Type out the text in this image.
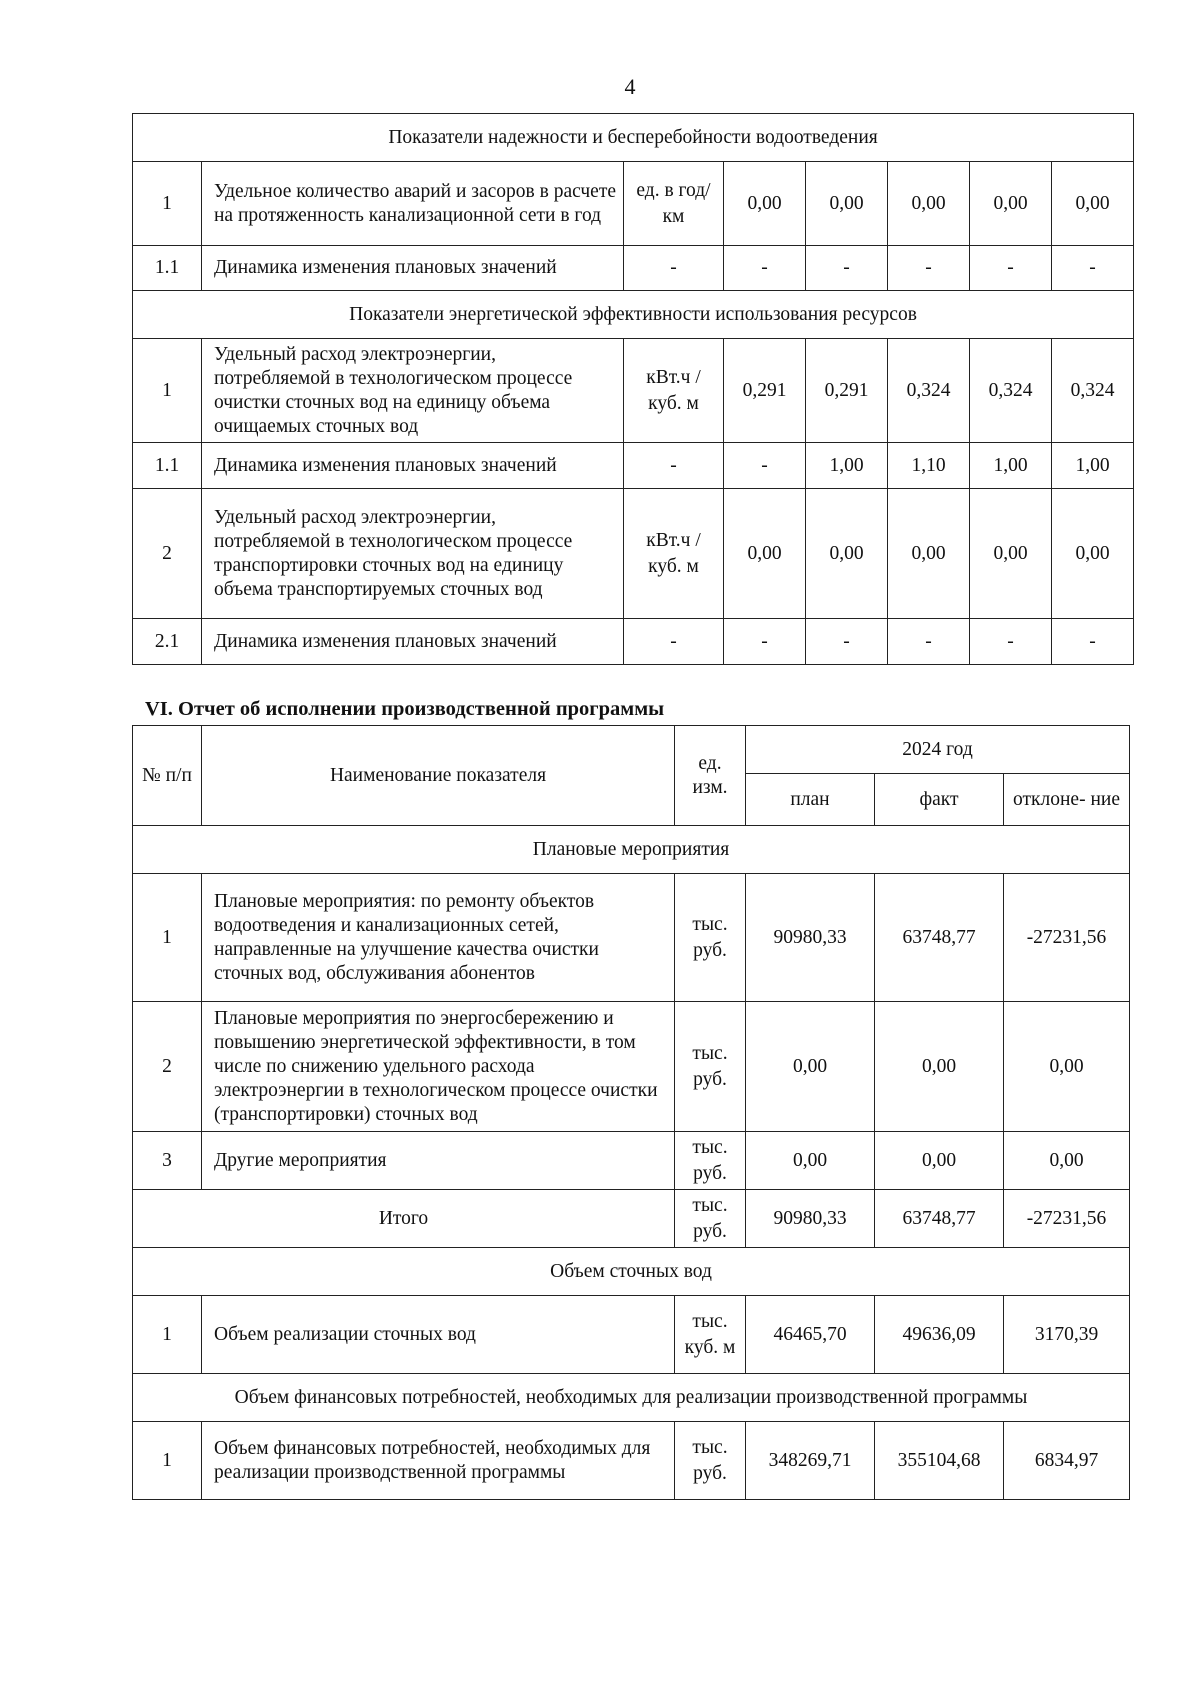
4
Показатели надежности и бесперебойности водоотведения							
1	Удельное количество аварий и засоров в расчете на протяженность канализационной сети в год	ед. в год/ км	0,00	0,00	0,00	0,00	0,00
1.1	Динамика изменения плановых значений	-	-	-	-	-	-
Показатели энергетической эффективности использования ресурсов							
1	Удельный расход электроэнергии, потребляемой в технологическом процессе очистки сточных вод на единицу объема очищаемых сточных вод	кВт.ч / куб. м	0,291	0,291	0,324	0,324	0,324
1.1	Динамика изменения плановых значений	-	-	1,00	1,10	1,00	1,00
2	Удельный расход электроэнергии, потребляемой в технологическом процессе транспортировки сточных вод на единицу объема транспортируемых сточных вод	кВт.ч / куб. м	0,00	0,00	0,00	0,00	0,00
2.1	Динамика изменения плановых значений	-	-	-	-	-	-
VI. Отчет об исполнении производственной программы
№ п/п	Наименование показателя	ед. изм.	2024 год		
			план	факт	отклоне- ние
Плановые мероприятия					
1	Плановые мероприятия: по ремонту объектов водоотведения и канализационных сетей, направленные на улучшение качества очистки сточных вод, обслуживания абонентов	тыс. руб.	90980,33	63748,77	-27231,56
2	Плановые мероприятия по энергосбережению и повышению энергетической эффективности, в том числе по снижению удельного расхода электроэнергии в технологическом процессе очистки (транспортировки) сточных вод	тыс. руб.	0,00	0,00	0,00
3	Другие мероприятия	тыс. руб.	0,00	0,00	0,00
Итого		тыс. руб.	90980,33	63748,77	-27231,56
Объем сточных вод					
1	Объем реализации сточных вод	тыс. куб. м	46465,70	49636,09	3170,39
Объем финансовых потребностей, необходимых для реализации производственной программы					
1	Объем финансовых потребностей, необходимых для реализации производственной программы	тыс. руб.	348269,71	355104,68	6834,97
